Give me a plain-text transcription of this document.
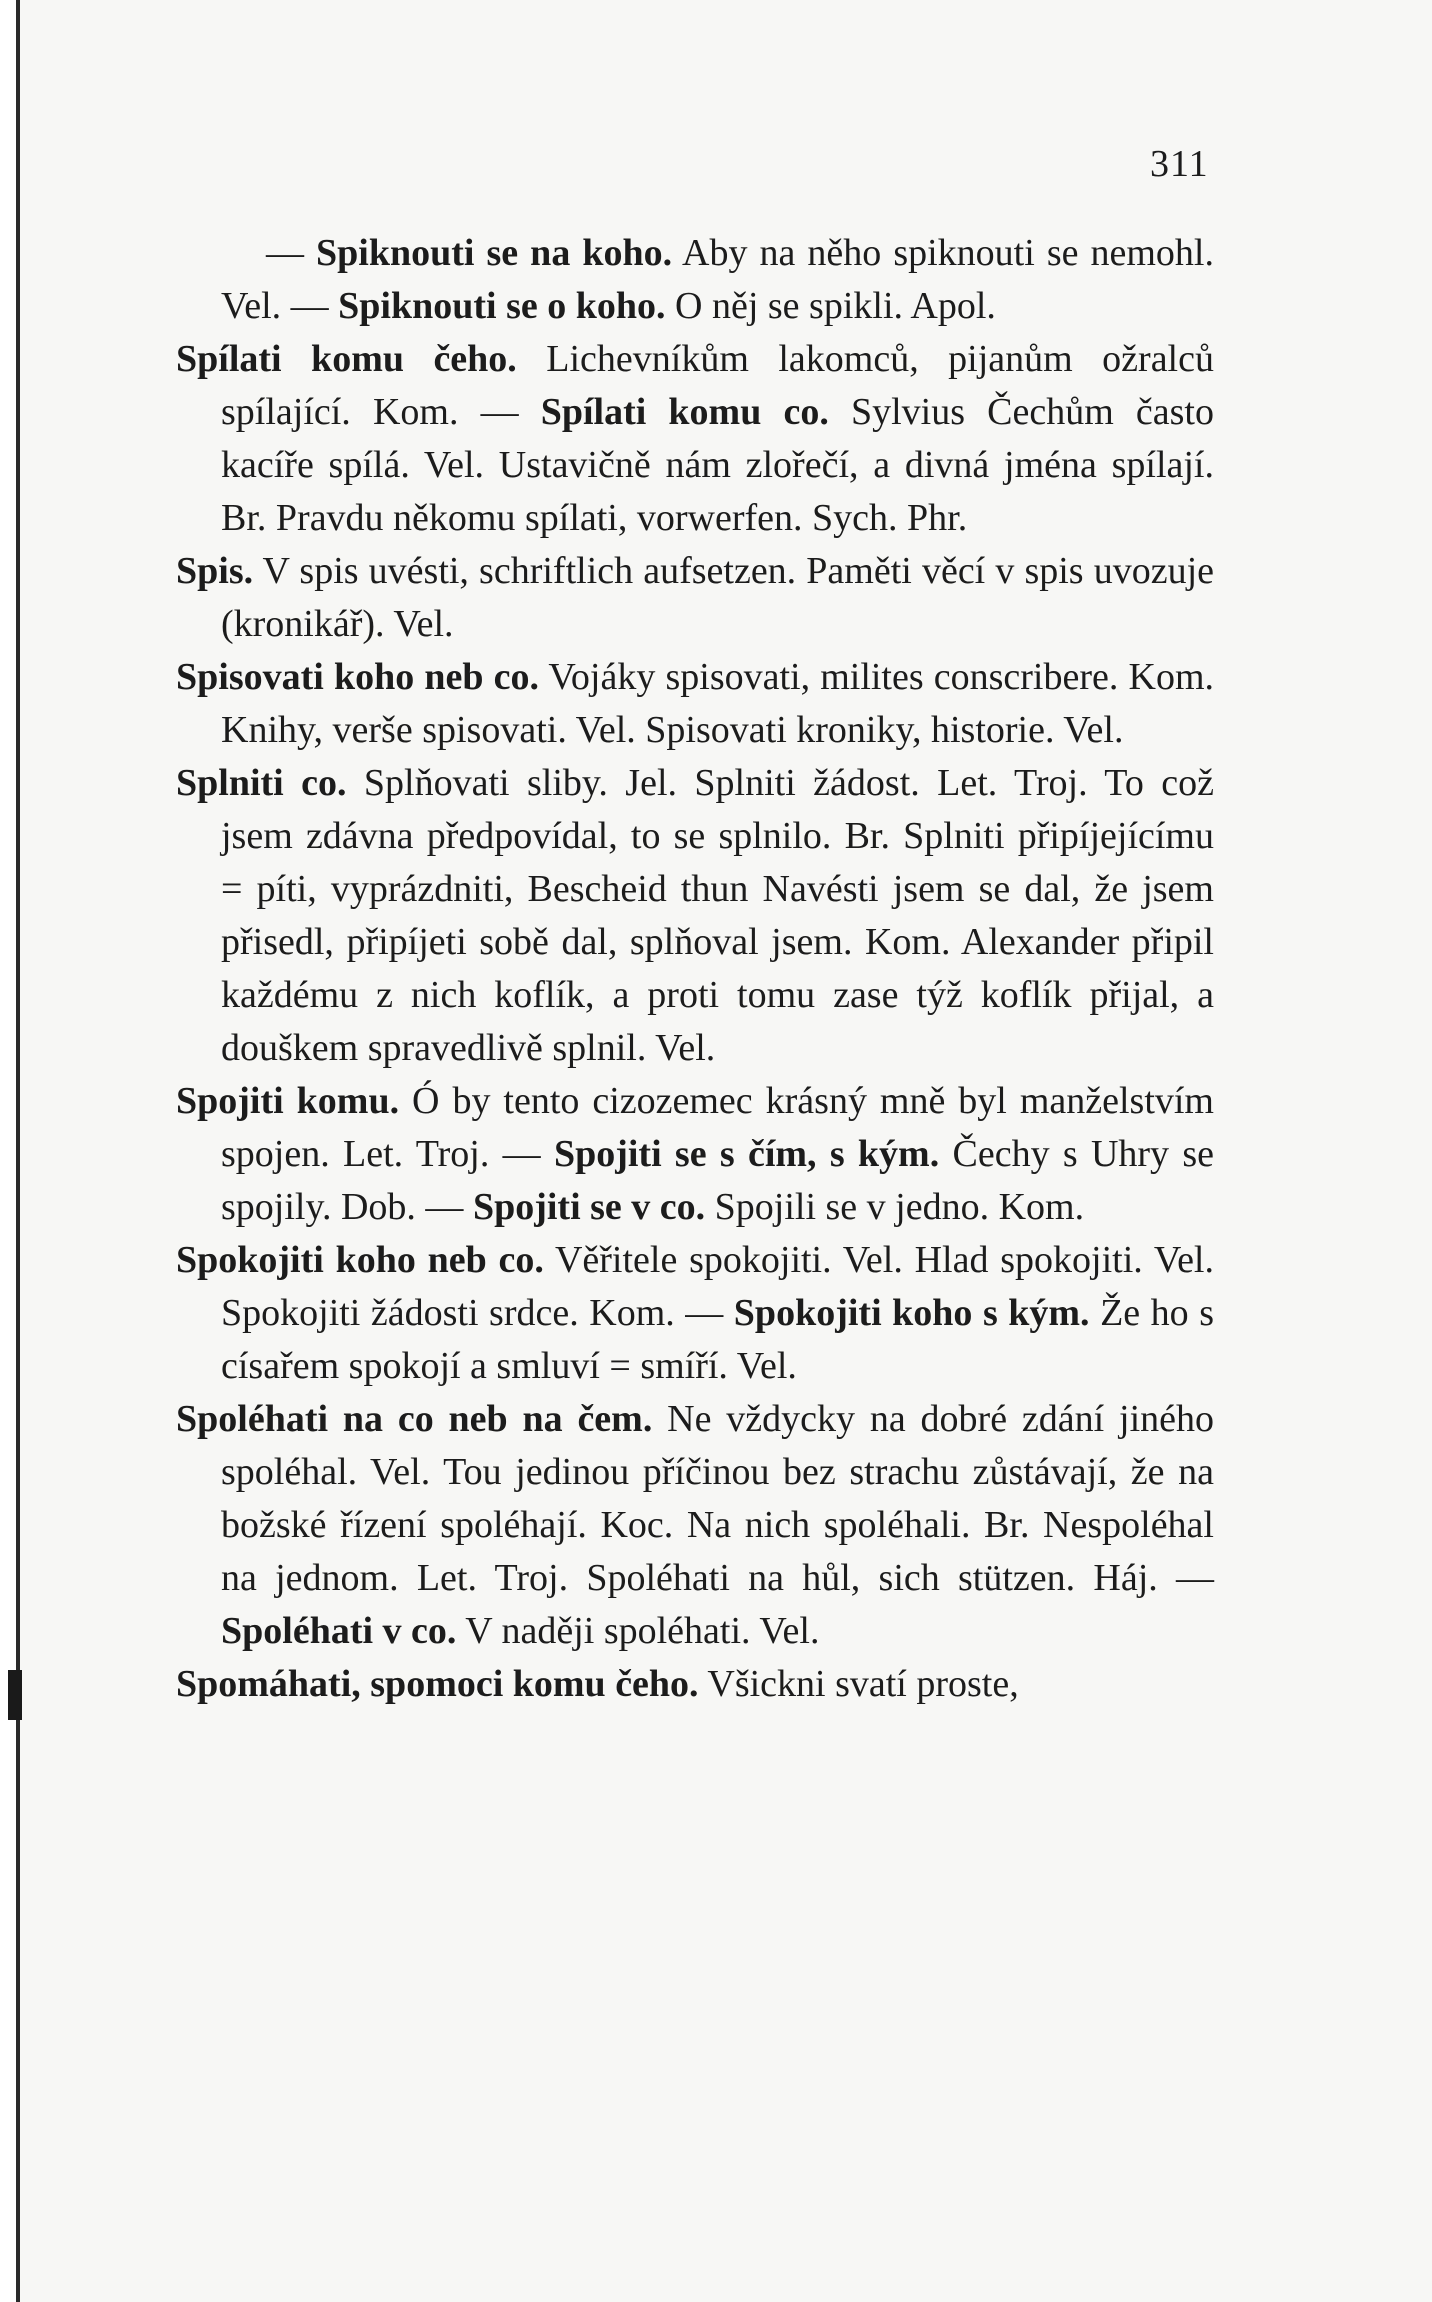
311

— Spiknouti se na koho. Aby na něho spiknouti se nemohl. Vel. — Spiknouti se o koho. O něj se spikli. Apol.

Spílati komu čeho. Lichevníkům lakomců, pijanům ožralců spílající. Kom. — Spílati komu co. Sylvius Čechům často kacíře spílá. Vel. Ustavičně nám zlořečí, a divná jména spílají. Br. Pravdu někomu spílati, vorwerfen. Sych. Phr.

Spis. V spis uvésti, schriftlich aufsetzen. Paměti věcí v spis uvozuje (kronikář). Vel.

Spisovati koho neb co. Vojáky spisovati, milites conscribere. Kom. Knihy, verše spisovati. Vel. Spisovati kroniky, historie. Vel.

Splniti co. Splňovati sliby. Jel. Splniti žádost. Let. Troj. To což jsem zdávna předpovídal, to se splnilo. Br. Splniti připíjejícímu = píti, vyprázdniti, Bescheid thun Navésti jsem se dal, že jsem přisedl, připíjeti sobě dal, splňoval jsem. Kom. Alexander připil každému z nich koflík, a proti tomu zase týž koflík přijal, a douškem spravedlivě splnil. Vel.

Spojiti komu. Ó by tento cizozemec krásný mně byl manželstvím spojen. Let. Troj. — Spojiti se s čím, s kým. Čechy s Uhry se spojily. Dob. — Spojiti se v co. Spojili se v jedno. Kom.

Spokojiti koho neb co. Věřitele spokojiti. Vel. Hlad spokojiti. Vel. Spokojiti žádosti srdce. Kom. — Spokojiti koho s kým. Že ho s císařem spokojí a smluví = smíří. Vel.

Spoléhati na co neb na čem. Ne vždycky na dobré zdání jiného spoléhal. Vel. Tou jedinou příčinou bez strachu zůstávají, že na božské řízení spoléhají. Koc. Na nich spoléhali. Br. Nespoléhal na jednom. Let. Troj. Spoléhati na hůl, sich stützen. Háj. — Spoléhati v co. V naději spoléhati. Vel.

Spomáhati, spomoci komu čeho. Všickni svatí proste,
